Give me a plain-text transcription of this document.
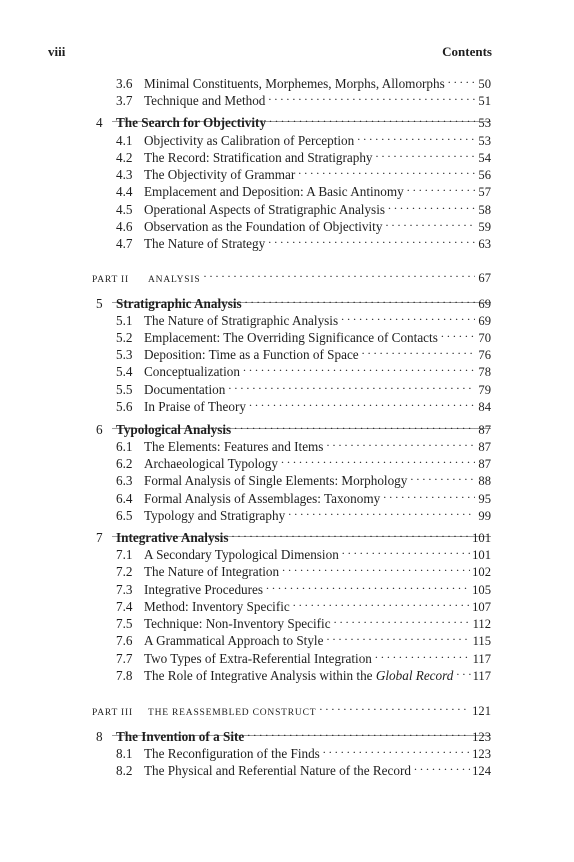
viii	Contents
3.6 Minimal Constituents, Morphemes, Morphs, Allomorphs . . .	50
3.7 Technique and Method . . .	51
4	The Search for Objectivity . . .	53
4.1 Objectivity as Calibration of Perception . . .	53
4.2 The Record: Stratification and Stratigraphy . . .	54
4.3 The Objectivity of Grammar . . .	56
4.4 Emplacement and Deposition: A Basic Antinomy . . .	57
4.5 Operational Aspects of Stratigraphic Analysis . . .	58
4.6 Observation as the Foundation of Objectivity . . .	59
4.7 The Nature of Strategy . . .	63
PART II	ANALYSIS . . .	67
5	Stratigraphic Analysis . . .	69
5.1 The Nature of Stratigraphic Analysis . . .	69
5.2 Emplacement: The Overriding Significance of Contacts . . .	70
5.3 Deposition: Time as a Function of Space . . .	76
5.4 Conceptualization . . .	78
5.5 Documentation . . .	79
5.6 In Praise of Theory . . .	84
6	Typological Analysis . . .	87
6.1 The Elements: Features and Items . . .	87
6.2 Archaeological Typology . . .	87
6.3 Formal Analysis of Single Elements: Morphology . . .	88
6.4 Formal Analysis of Assemblages: Taxonomy . . .	95
6.5 Typology and Stratigraphy . . .	99
7	Integrative Analysis . . .	101
7.1 A Secondary Typological Dimension . . .	101
7.2 The Nature of Integration . . .	102
7.3 Integrative Procedures . . .	105
7.4 Method: Inventory Specific . . .	107
7.5 Technique: Non-Inventory Specific . . .	112
7.6 A Grammatical Approach to Style . . .	115
7.7 Two Types of Extra-Referential Integration . . .	117
7.8 The Role of Integrative Analysis within the Global Record . . . 117
PART III	THE REASSEMBLED CONSTRUCT . . .	121
8	The Invention of a Site . . .	123
8.1 The Reconfiguration of the Finds . . .	123
8.2 The Physical and Referential Nature of the Record . . .	124
